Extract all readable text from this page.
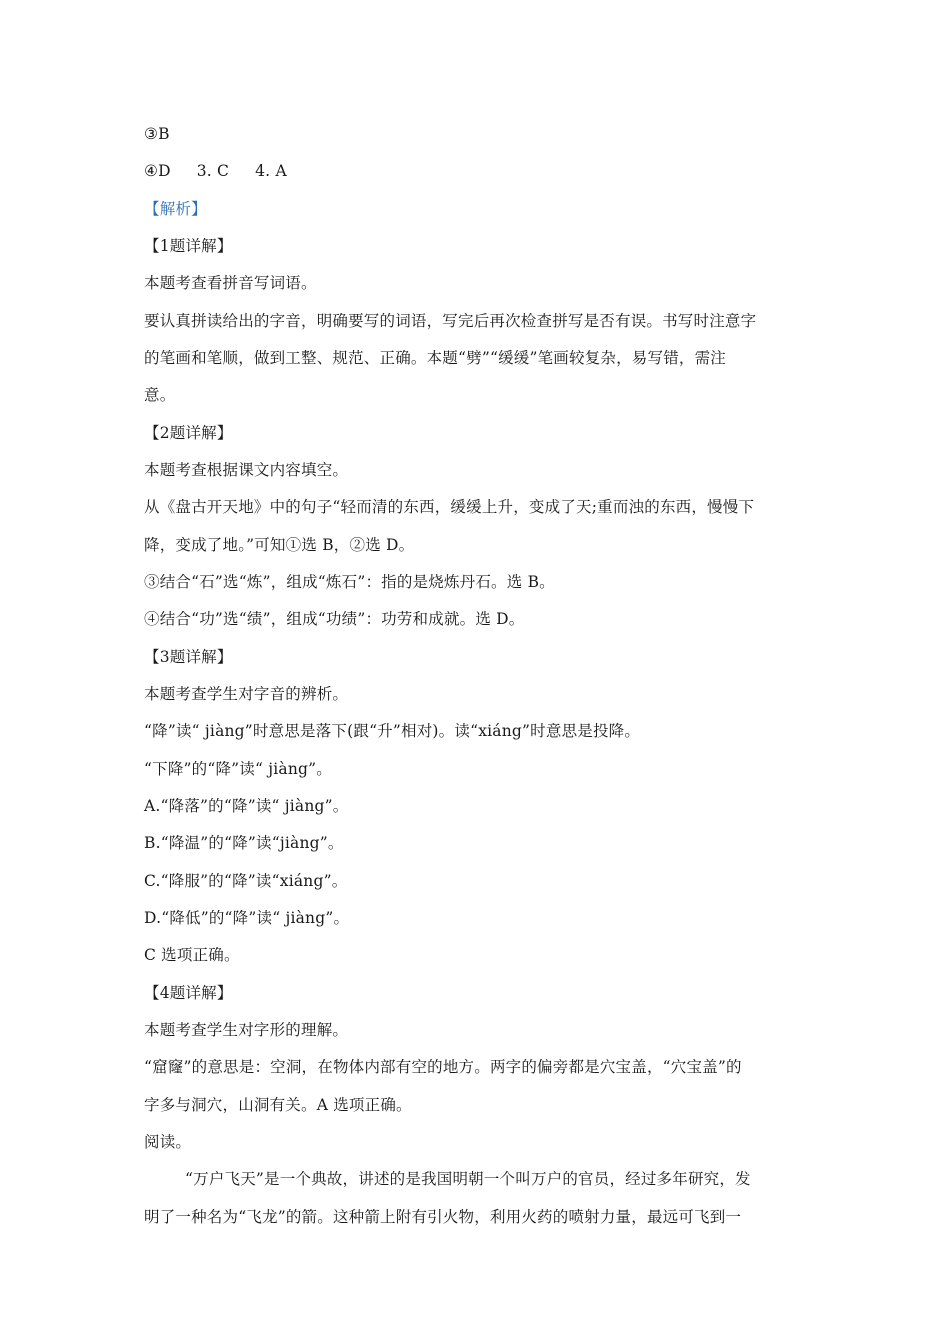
③B
④D 3. C 4. A
【解析】
【1题详解】
本题考查看拼音写词语。
要认真拼读给出的字音，明确要写的词语，写完后再次检查拼写是否有误。书写时注意字
的笔画和笔顺，做到工整、规范、正确。本题“劈”“缓缓”笔画较复杂，易写错，需注
意。
【2题详解】
本题考查根据课文内容填空。
从《盘古开天地》中的句子“轻而清的东西，缓缓上升，变成了天;重而浊的东西，慢慢下
降，变成了地。”可知①选 B，②选 D。
③结合“石”选“炼”，组成“炼石”：指的是烧炼丹石。选 B。
④结合“功”选“绩”，组成“功绩”：功劳和成就。选 D。
【3题详解】
本题考查学生对字音的辨析。
“降”读“ jiàng”时意思是落下(跟“升”相对)。读“xiáng”时意思是投降。
“下降”的“降”读“ jiàng”。
A.“降落”的“降”读“ jiàng”。
B.“降温”的“降”读“jiàng”。
C.“降服”的“降”读“xiáng”。
D.“降低”的“降”读“ jiàng”。
C 选项正确。
【4题详解】
本题考查学生对字形的理解。
“窟窿”的意思是：空洞，在物体内部有空的地方。两字的偏旁都是穴宝盖，“穴宝盖”的
字多与洞穴，山洞有关。A 选项正确。
阅读。
“万户飞天”是一个典故，讲述的是我国明朝一个叫万户的官员，经过多年研究，发
明了一种名为“飞龙”的箭。这种箭上附有引火物，利用火药的喷射力量，最远可飞到一
